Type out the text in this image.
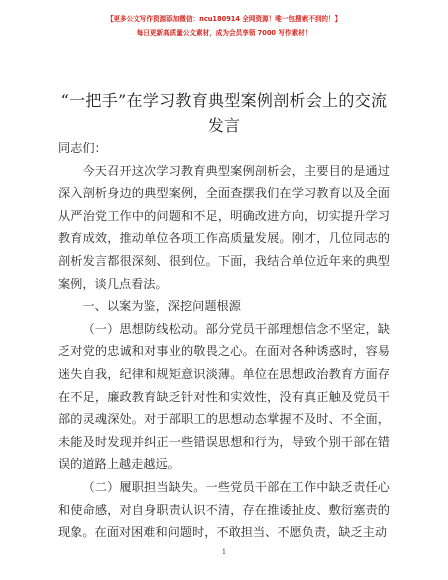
【更多公文写作资源添加微信：ncu180914 全网资源！唯一包搜索不到的！】
每日更新高质量公文素材，成为会员享领 7000 写作素材！
“一把手”在学习教育典型案例剖析会上的交流发言

同志们：

今天召开这次学习教育典型案例剖析会，主要目的是通过深入剖析身边的典型案例，全面查摆我们在学习教育以及全面从严治党工作中的问题和不足，明确改进方向，切实提升学习教育成效，推动单位各项工作高质量发展。刚才，几位同志的剖析发言都很深刻、很到位。下面，我结合单位近年来的典型案例，谈几点看法。

一、以案为鉴，深挖问题根源

（一）思想防线松动。部分党员干部理想信念不坚定，缺乏对党的忠诚和对事业的敬畏之心。在面对各种诱惑时，容易迷失自我，纪律和规矩意识淡薄。单位在思想政治教育方面存在不足，廉政教育缺乏针对性和实效性，没有真正触及党员干部的灵魂深处。对于部职工的思想动态掌握不及时、不全面，未能及时发现并纠正一些错误思想和行为，导致个别干部在错误的道路上越走越远。

（二）履职担当缺失。一些党员干部在工作中缺乏责任心和使命感，对自身职责认识不清，存在推诿扯皮、敷衍塞责的现象。在面对困难和问题时，不敢担当、不愿负责，缺乏主动

1
